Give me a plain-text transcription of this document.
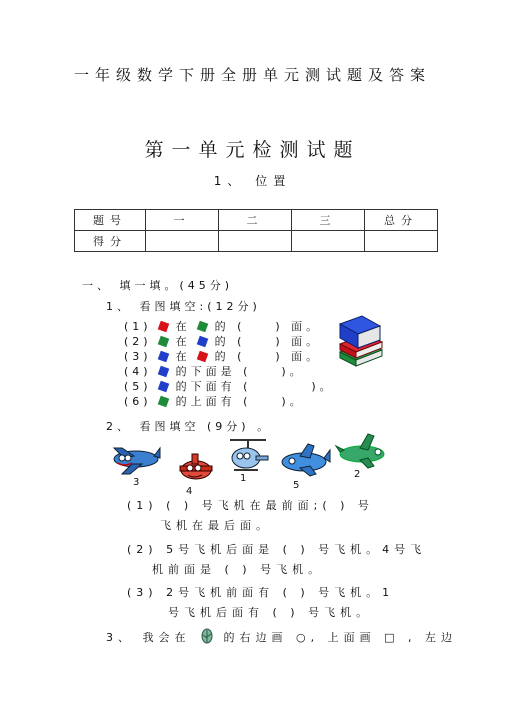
一年级数学下册全册单元测试题及答案
第一单元检测试题
1、 位置
题号	一	二	三	总分
得分				
一、 填一填。(45分)
1、 看图填空:(12分)
(1) 在 的 (	) 面。
(2) 在 的 (	) 面。
(3) 在 的 (	) 面。
(4) 的下面是 (	)。
(5) 的下面有 (	)。
(6) 的上面有 (	)。
2、 看图填空 (9分) 。
3
4
1
5
2
(1) ( ) 号飞机在最前面;( ) 号
飞机在最后面。
(2) 5号飞机后面是 ( ) 号飞机。4号飞
机前面是 ( ) 号飞机。
(3) 2号飞机前面有 ( ) 号飞机。1
号飞机后面有 ( ) 号飞机。
3、 我会在	的右边画 ○, 上面画 □ , 左边
